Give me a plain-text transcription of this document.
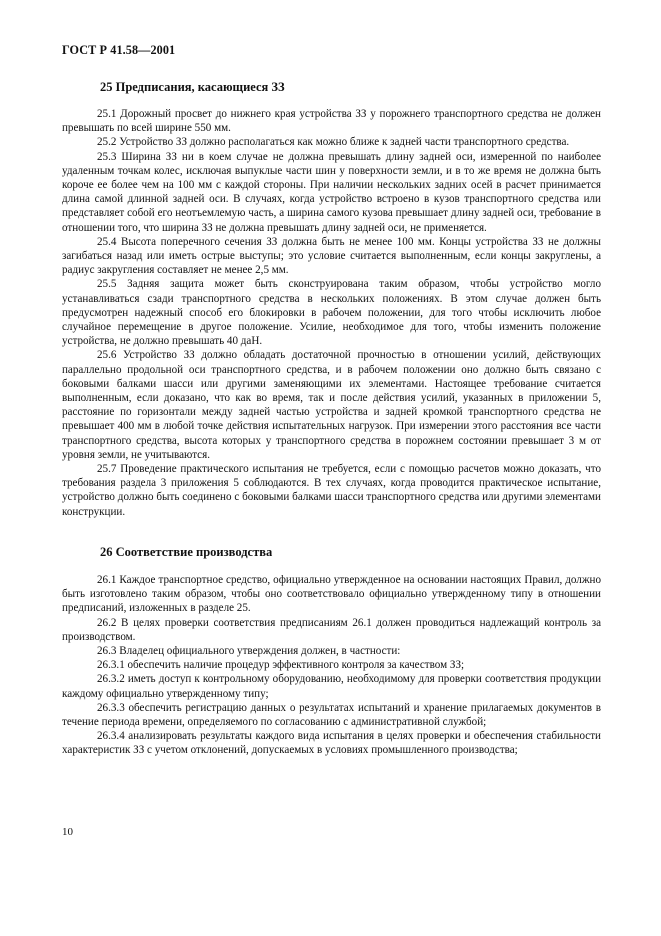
ГОСТ Р 41.58—2001
25 Предписания, касающиеся ЗЗ

25.1 Дорожный просвет до нижнего края устройства ЗЗ у порожнего транспортного средства не должен превышать по всей ширине 550 мм.

25.2 Устройство ЗЗ должно располагаться как можно ближе к задней части транспортного средства.

25.3 Ширина ЗЗ ни в коем случае не должна превышать длину задней оси, измеренной по наиболее удаленным точкам колес, исключая выпуклые части шин у поверхности земли, и в то же время не должна быть короче ее более чем на 100 мм с каждой стороны. При наличии нескольких задних осей в расчет принимается длина самой длинной задней оси. В случаях, когда устройство встроено в кузов транспортного средства или представляет собой его неотъемлемую часть, а ширина самого кузова превышает длину задней оси, требование в отношении того, что ширина ЗЗ не должна превышать длину задней оси, не применяется.

25.4 Высота поперечного сечения ЗЗ должна быть не менее 100 мм. Концы устройства ЗЗ не должны загибаться назад или иметь острые выступы; это условие считается выполненным, если концы закруглены, а радиус закругления составляет не менее 2,5 мм.

25.5 Задняя защита может быть сконструирована таким образом, чтобы устройство могло устанавливаться сзади транспортного средства в нескольких положениях. В этом случае должен быть предусмотрен надежный способ его блокировки в рабочем положении, для того чтобы исключить любое случайное перемещение в другое положение. Усилие, необходимое для того, чтобы изменить положение устройства, не должно превышать 40 даН.

25.6 Устройство ЗЗ должно обладать достаточной прочностью в отношении усилий, действующих параллельно продольной оси транспортного средства, и в рабочем положении оно должно быть связано с боковыми балками шасси или другими заменяющими их элементами. Настоящее требование считается выполненным, если доказано, что как во время, так и после действия усилий, указанных в приложении 5, расстояние по горизонтали между задней частью устройства и задней кромкой транспортного средства не превышает 400 мм в любой точке действия испытательных нагрузок. При измерении этого расстояния все части транспортного средства, высота которых у транспортного средства в порожнем состоянии превышает 3 м от уровня земли, не учитываются.

25.7 Проведение практического испытания не требуется, если с помощью расчетов можно доказать, что требования раздела 3 приложения 5 соблюдаются. В тех случаях, когда проводится практическое испытание, устройство должно быть соединено с боковыми балками шасси транспортного средства или другими элементами конструкции.

26 Соответствие производства

26.1 Каждое транспортное средство, официально утвержденное на основании настоящих Правил, должно быть изготовлено таким образом, чтобы оно соответствовало официально утвержденному типу в отношении предписаний, изложенных в разделе 25.

26.2 В целях проверки соответствия предписаниям 26.1 должен проводиться надлежащий контроль за производством.

26.3 Владелец официального утверждения должен, в частности:

26.3.1 обеспечить наличие процедур эффективного контроля за качеством ЗЗ;

26.3.2 иметь доступ к контрольному оборудованию, необходимому для проверки соответствия продукции каждому официально утвержденному типу;

26.3.3 обеспечить регистрацию данных о результатах испытаний и хранение прилагаемых документов в течение периода времени, определяемого по согласованию с административной службой;

26.3.4 анализировать результаты каждого вида испытания в целях проверки и обеспечения стабильности характеристик ЗЗ с учетом отклонений, допускаемых в условиях промышленного производства;

10
